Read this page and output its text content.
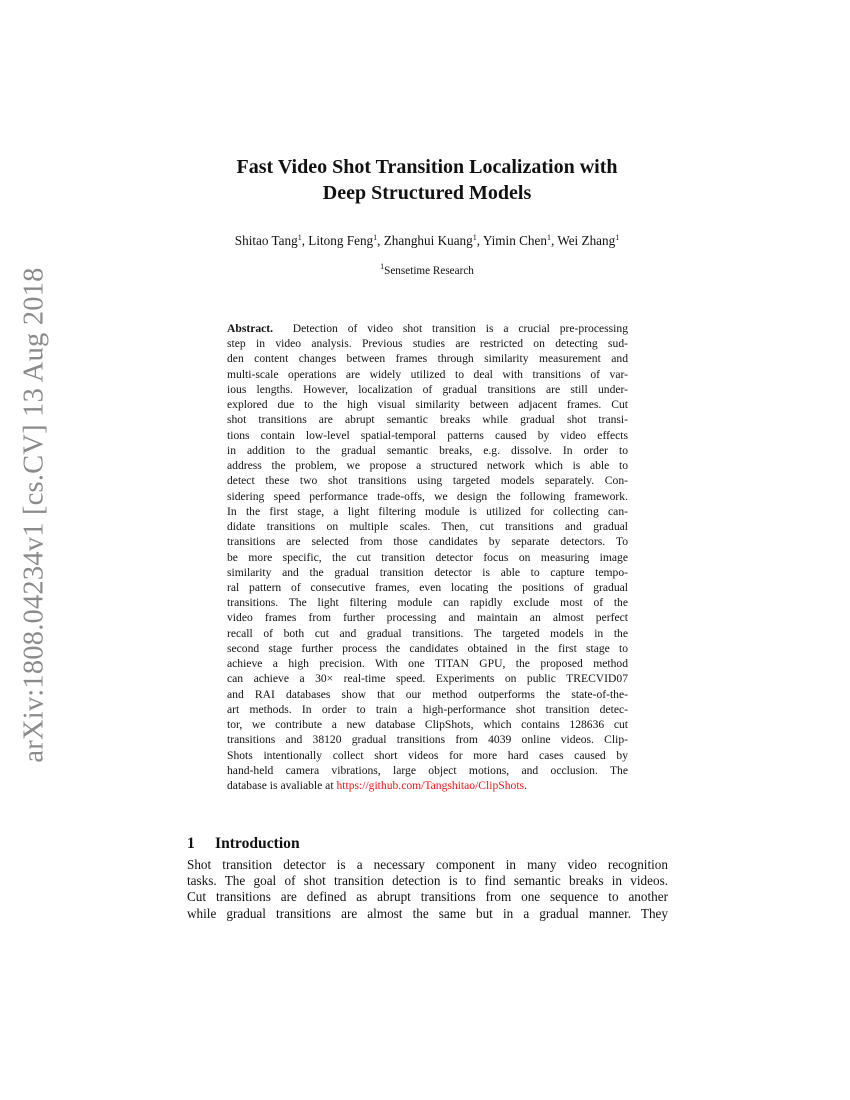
arXiv:1808.04234v1 [cs.CV] 13 Aug 2018
Fast Video Shot Transition Localization with
Deep Structured Models
Shitao Tang$^1$, Litong Feng$^1$, Zhanghui Kuang$^1$, Yimin Chen$^1$, Wei Zhang$^1$
$^1$Sensetime Research
Abstract. Detection of video shot transition is a crucial pre-processing
step in video analysis. Previous studies are restricted on detecting sud-
den content changes between frames through similarity measurement and
multi-scale operations are widely utilized to deal with transitions of var-
ious lengths. However, localization of gradual transitions are still under-
explored due to the high visual similarity between adjacent frames. Cut
shot transitions are abrupt semantic breaks while gradual shot transi-
tions contain low-level spatial-temporal patterns caused by video effects
in addition to the gradual semantic breaks, e.g. dissolve. In order to
address the problem, we propose a structured network which is able to
detect these two shot transitions using targeted models separately. Con-
sidering speed performance trade-offs, we design the following framework.
In the first stage, a light filtering module is utilized for collecting can-
didate transitions on multiple scales. Then, cut transitions and gradual
transitions are selected from those candidates by separate detectors. To
be more specific, the cut transition detector focus on measuring image
similarity and the gradual transition detector is able to capture tempo-
ral pattern of consecutive frames, even locating the positions of gradual
transitions. The light filtering module can rapidly exclude most of the
video frames from further processing and maintain an almost perfect
recall of both cut and gradual transitions. The targeted models in the
second stage further process the candidates obtained in the first stage to
achieve a high precision. With one TITAN GPU, the proposed method
can achieve a 30× real-time speed. Experiments on public TRECVID07
and RAI databases show that our method outperforms the state-of-the-
art methods. In order to train a high-performance shot transition detec-
tor, we contribute a new database ClipShots, which contains 128636 cut
transitions and 38120 gradual transitions from 4039 online videos. Clip-
Shots intentionally collect short videos for more hard cases caused by
hand-held camera vibrations, large object motions, and occlusion. The
database is avaliable at https://github.com/Tangshitao/ClipShots.
1 Introduction
Shot transition detector is a necessary component in many video recognition
tasks. The goal of shot transition detection is to find semantic breaks in videos.
Cut transitions are defined as abrupt transitions from one sequence to another
while gradual transitions are almost the same but in a gradual manner. They
